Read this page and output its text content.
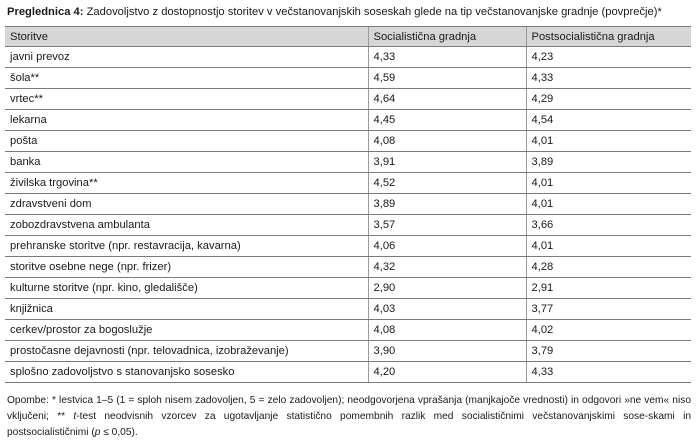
Preglednica 4: Zadovoljstvo z dostopnostjo storitev v večstanovanjskih soseskah glede na tip večstanovanjske gradnje (povprečje)*
Storitve	Socialistična gradnja	Postsocialistična gradnja
javni prevoz	4,33	4,23
šola**	4,59	4,33
vrtec**	4,64	4,29
lekarna	4,45	4,54
pošta	4,08	4,01
banka	3,91	3,89
živilska trgovina**	4,52	4,01
zdravstveni dom	3,89	4,01
zobozdravstvena ambulanta	3,57	3,66
prehranske storitve (npr. restavracija, kavarna)	4,06	4,01
storitve osebne nege (npr. frizer)	4,32	4,28
kulturne storitve (npr. kino, gledališče)	2,90	2,91
knjižnica	4,03	3,77
cerkev/prostor za bogoslužje	4,08	4,02
prostočasne dejavnosti (npr. telovadnica, izobraževanje)	3,90	3,79
splošno zadovoljstvo s stanovanjsko soseskо	4,20	4,33
Opombe: * lestvica 1–5 (1 = sploh nisem zadovoljen, 5 = zelo zadovoljen); neodgovorjena vprašanja (manjkajoče vrednosti) in odgovori »ne vem« niso vključeni; ** t-test neodvisnih vzorcev za ugotavljanje statistično pomembnih razlik med socialističnimi večstanovanjskimi sose-skami in postsocialističnimi (p ≤ 0,05).
